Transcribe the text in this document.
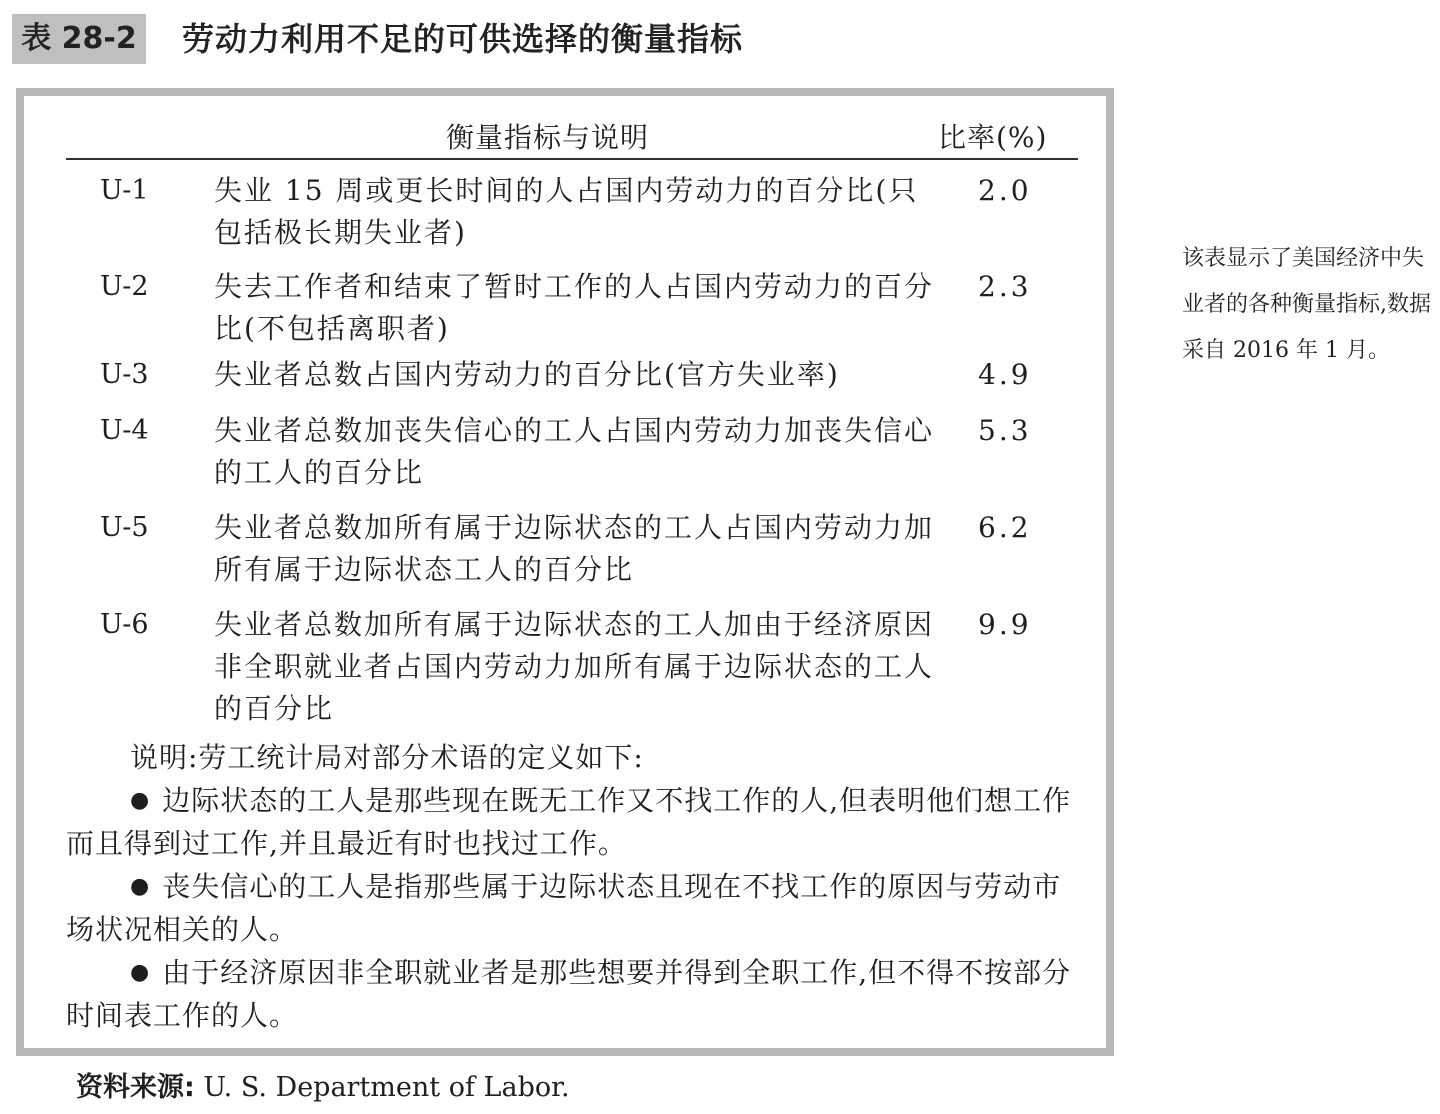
表 28-2 劳动力利用不足的可供选择的衡量指标
衡量指标与说明	比率(%)
U-1 失业 15 周或更长时间的人占国内劳动力的百分比(只包括极长期失业者)
2.0
U-2 失去工作者和结束了暂时工作的人占国内劳动力的百分比(不包括离职者)
2.3
U-3 失业者总数占国内劳动力的百分比(官方失业率)	4.9
U-4 失业者总数加丧失信心的工人占国内劳动力加丧失信心的工人的百分比
5.3
U-5 失业者总数加所有属于边际状态的工人占国内劳动力加所有属于边际状态工人的百分比
6.2
U-6 失业者总数加所有属于边际状态的工人加由于经济原因非全职就业者占国内劳动力加所有属于边际状态的工人的百分比
9.9
说明:劳工统计局对部分术语的定义如下:
● 边际状态的工人是那些现在既无工作又不找工作的人,但表明他们想工作而且得到过工作,并且最近有时也找过工作。
● 丧失信心的工人是指那些属于边际状态且现在不找工作的原因与劳动市场状况相关的人。
● 由于经济原因非全职就业者是那些想要并得到全职工作,但不得不按部分时间表工作的人。
该表显示了美国经济中失业者的各种衡量指标,数据采自 2016 年 1 月。
资料来源: U. S. Department of Labor.
